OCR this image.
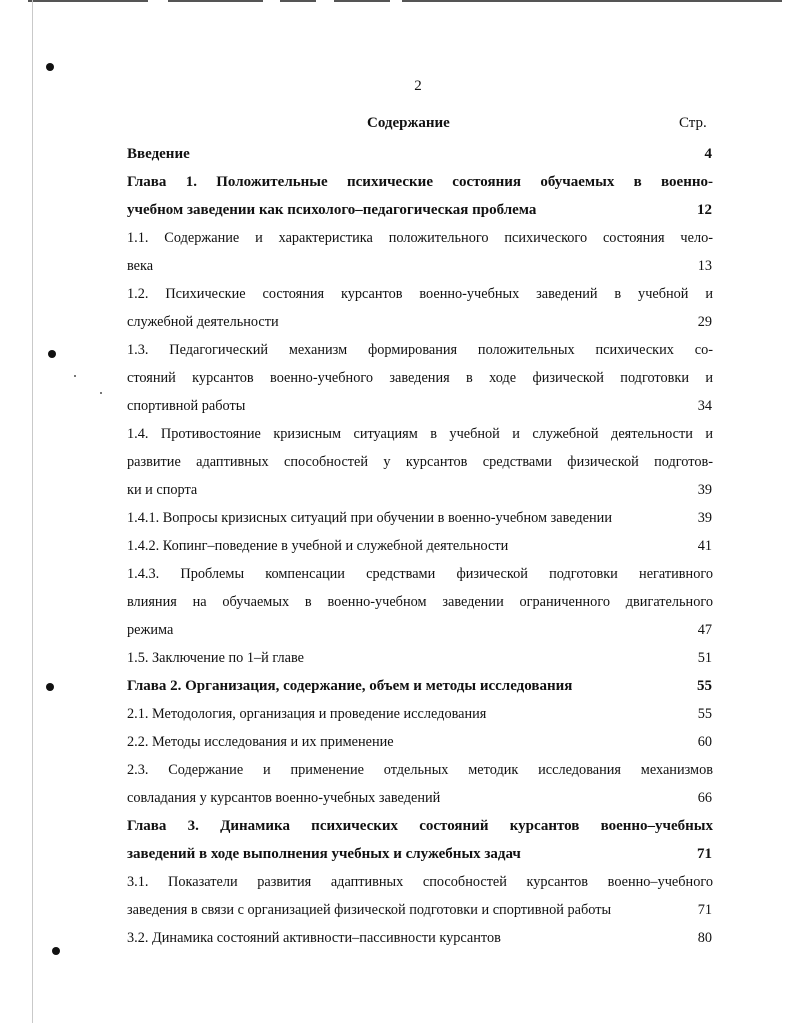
2
Содержание	Стр.
Введение	4
Глава 1. Положительные психические состояния обучаемых в военно-
учебном заведении как психолого–педагогическая проблема	12
1.1. Содержание и характеристика положительного психического состояния чело-
века	13
1.2. Психические состояния курсантов военно-учебных заведений в учебной и
служебной деятельности	29
1.3. Педагогический механизм формирования положительных психических со-
стояний курсантов военно-учебного заведения в ходе физической подготовки и
спортивной работы	34
1.4. Противостояние кризисным ситуациям в учебной и служебной деятельности и
развитие адаптивных способностей у курсантов средствами физической подготов-
ки и спорта	39
1.4.1. Вопросы кризисных ситуаций при обучении в военно-учебном заведении	39
1.4.2. Копинг–поведение в учебной и служебной деятельности	41
1.4.3. Проблемы компенсации средствами физической подготовки негативного
влияния на обучаемых в военно-учебном заведении ограниченного двигательного
режима	47
1.5. Заключение по 1–й главе	51
Глава 2. Организация, содержание, объем и методы исследования	55
2.1. Методология, организация и проведение исследования	55
2.2. Методы исследования и их применение	60
2.3. Содержание и применение отдельных методик исследования механизмов
совладания у курсантов военно-учебных заведений	66
Глава 3. Динамика психических состояний курсантов военно–учебных
заведений в ходе выполнения учебных и служебных задач	71
3.1. Показатели развития адаптивных способностей курсантов военно–учебного
заведения в связи с организацией физической подготовки и спортивной работы	71
3.2. Динамика состояний активности–пассивности курсантов	80
